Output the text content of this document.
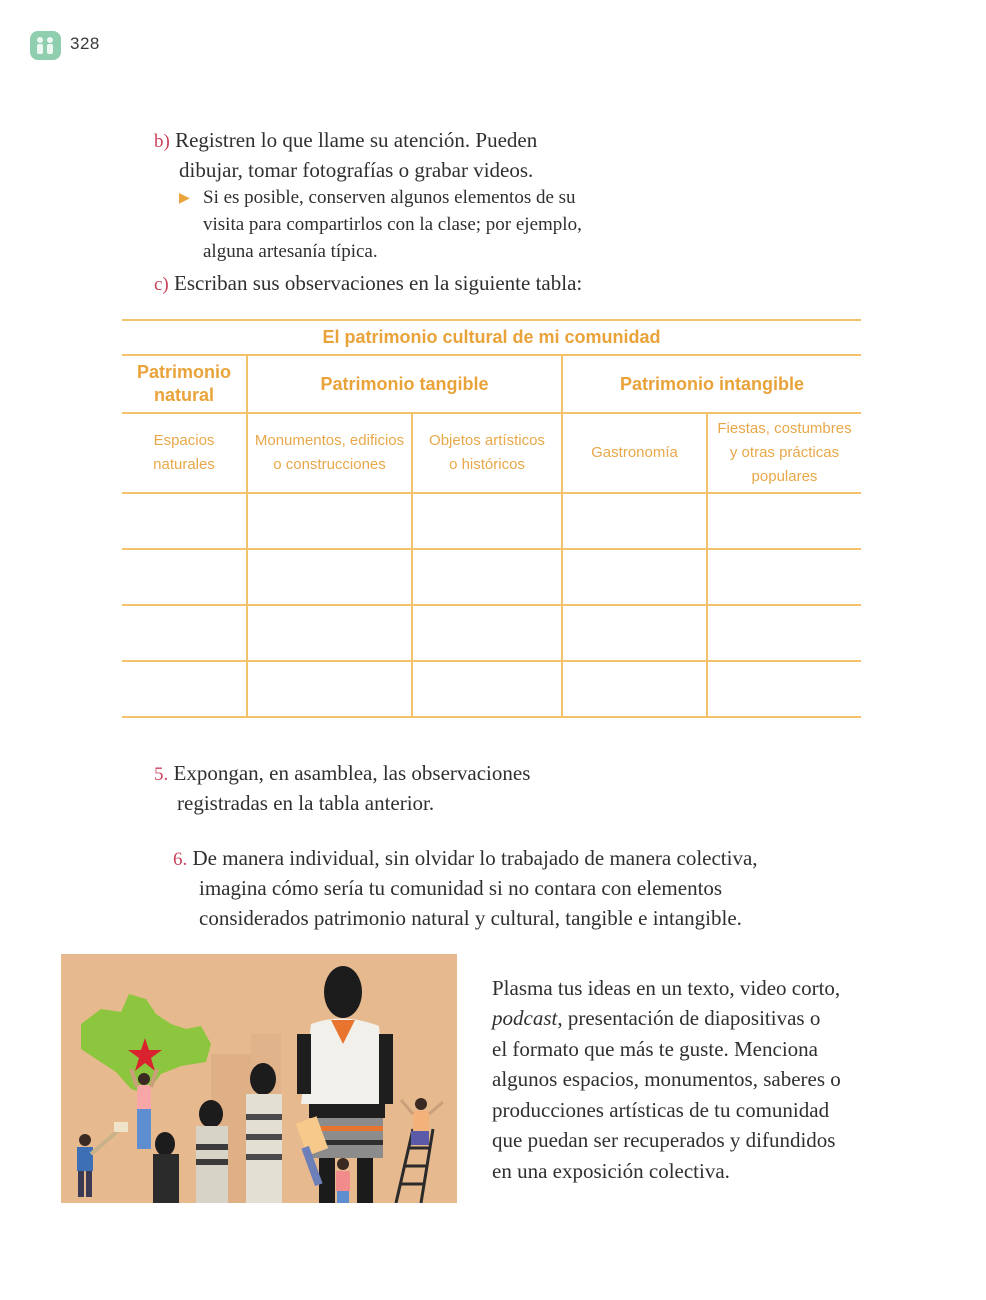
328
b) Registren lo que llame su atención. Pueden
dibujar, tomar fotografías o grabar videos.
▶ Si es posible, conserven algunos elementos de su
visita para compartirlos con la clase; por ejemplo,
alguna artesanía típica.
c) Escriban sus observaciones en la siguiente tabla:
El patrimonio cultural de mi comunidad
Patrimonio
natural
Patrimonio tangible	Patrimonio intangible
Espacios
naturales
Monumentos, edificios
o construcciones
Objetos artísticos
o históricos
Gastronomía
Fiestas, costumbres
y otras prácticas
populares
5. Expongan, en asamblea, las observaciones
registradas en la tabla anterior.
6. De manera individual, sin olvidar lo trabajado de manera colectiva,
imagina cómo sería tu comunidad si no contara con elementos
considerados patrimonio natural y cultural, tangible e intangible.
Plasma tus ideas en un texto, video corto,
podcast, presentación de diapositivas o
el formato que más te guste. Menciona
algunos espacios, monumentos, saberes o
producciones artísticas de tu comunidad
que puedan ser recuperados y difundidos
en una exposición colectiva.
